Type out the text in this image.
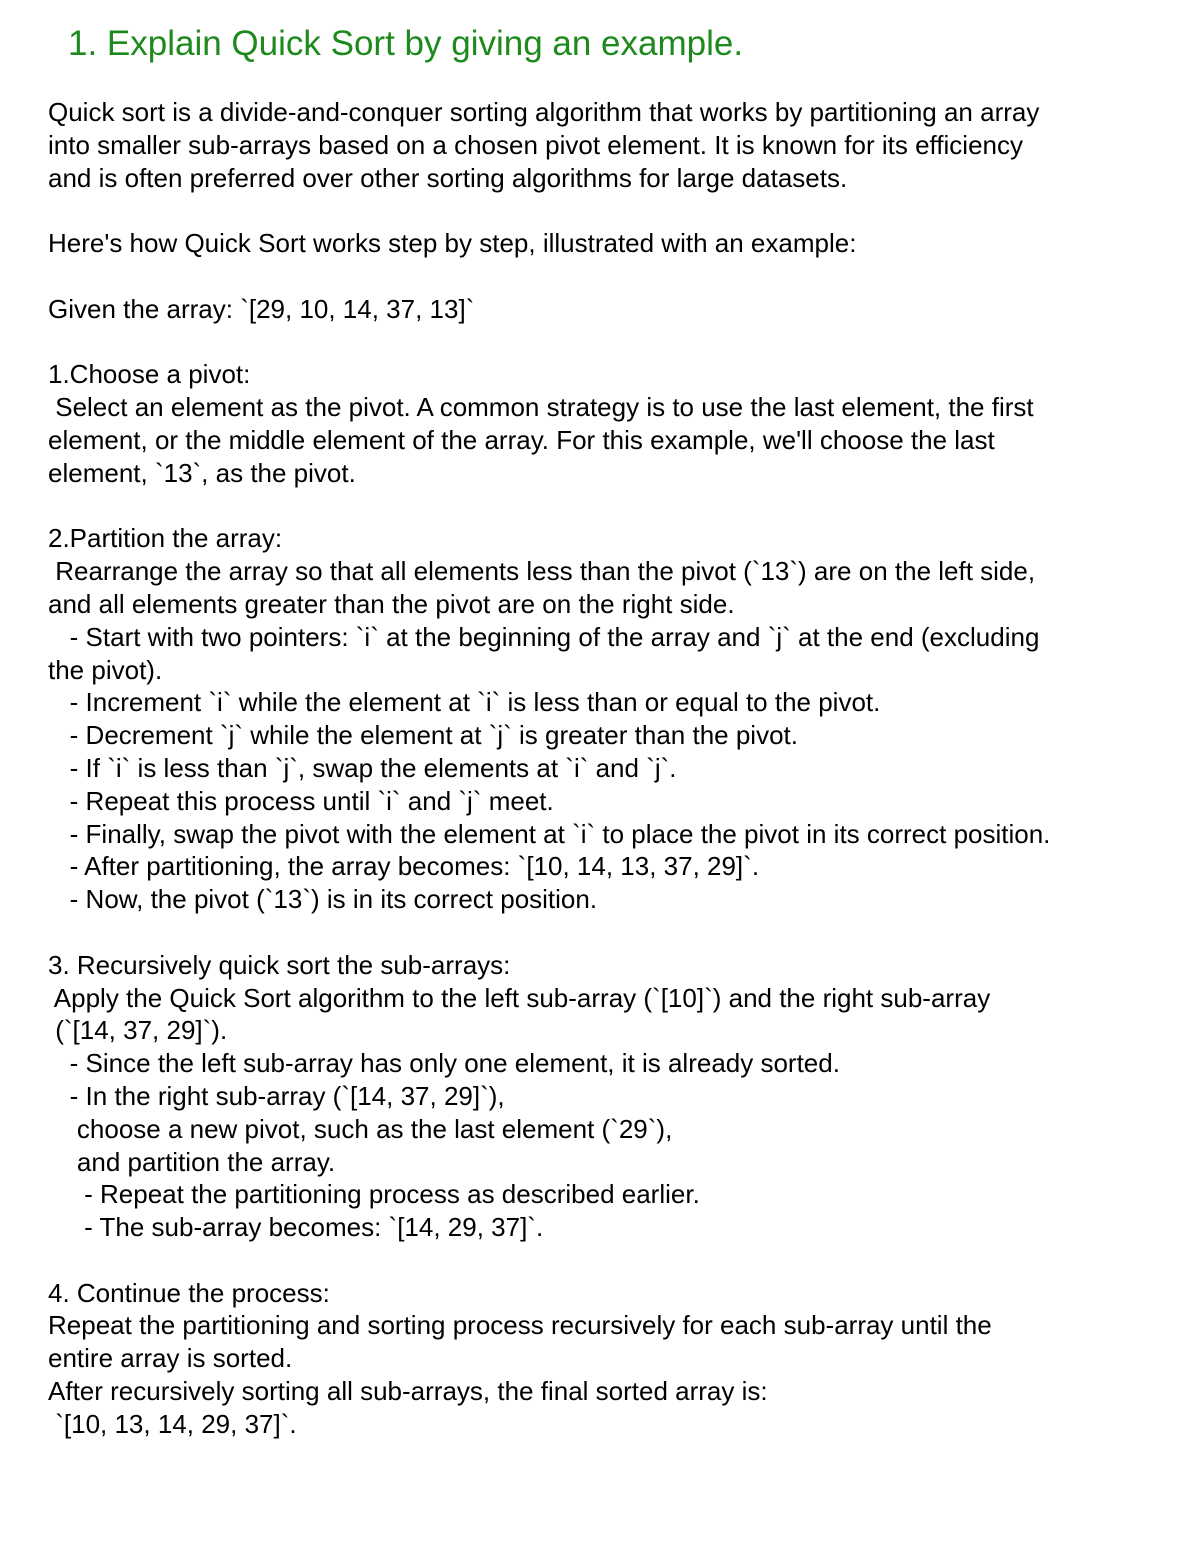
1. Explain Quick Sort by giving an example.
Quick sort is a divide-and-conquer sorting algorithm that works by partitioning an array
into smaller sub-arrays based on a chosen pivot element. It is known for its efficiency
and is often preferred over other sorting algorithms for large datasets.
Here's how Quick Sort works step by step, illustrated with an example:
Given the array: `[29, 10, 14, 37, 13]`
1.Choose a pivot:
Select an element as the pivot. A common strategy is to use the last element, the first
element, or the middle element of the array. For this example, we'll choose the last
element, `13`, as the pivot.
2.Partition the array:
Rearrange the array so that all elements less than the pivot (`13`) are on the left side,
and all elements greater than the pivot are on the right side.
- Start with two pointers: `i` at the beginning of the array and `j` at the end (excluding
the pivot).
- Increment `i` while the element at `i` is less than or equal to the pivot.
- Decrement `j` while the element at `j` is greater than the pivot.
- If `i` is less than `j`, swap the elements at `i` and `j`.
- Repeat this process until `i` and `j` meet.
- Finally, swap the pivot with the element at `i` to place the pivot in its correct position.
- After partitioning, the array becomes: `[10, 14, 13, 37, 29]`.
- Now, the pivot (`13`) is in its correct position.
3. Recursively quick sort the sub-arrays:
Apply the Quick Sort algorithm to the left sub-array (`[10]`) and the right sub-array
(`[14, 37, 29]`).
- Since the left sub-array has only one element, it is already sorted.
- In the right sub-array (`[14, 37, 29]`),
choose a new pivot, such as the last element (`29`),
and partition the array.
- Repeat the partitioning process as described earlier.
- The sub-array becomes: `[14, 29, 37]`.
4. Continue the process:
Repeat the partitioning and sorting process recursively for each sub-array until the
entire array is sorted.
After recursively sorting all sub-arrays, the final sorted array is:
`[10, 13, 14, 29, 37]`.
